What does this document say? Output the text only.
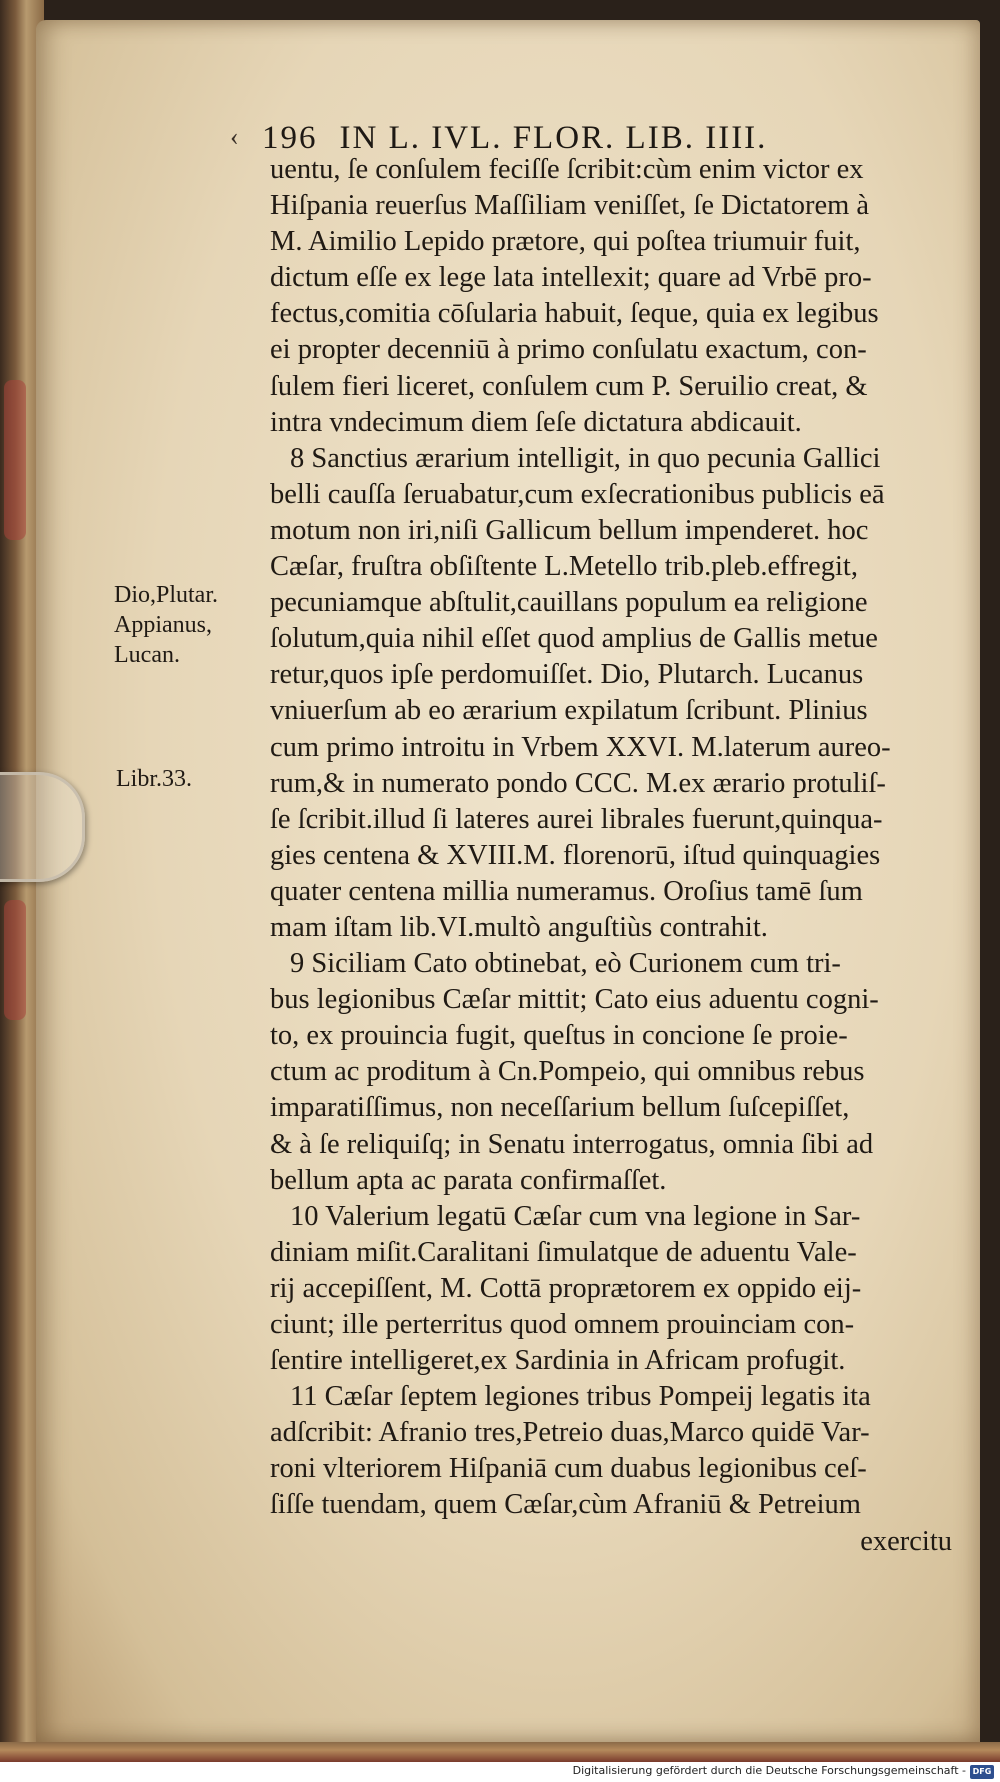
‹ 196 IN L. IVL. FLOR. LIB. IIII.
uentu, ſe conſulem feciſſe ſcribit:cùm enim victor ex
Hiſpania reuerſus Maſſiliam veniſſet, ſe Dictatorem à
M. Aimilio Lepido prætore, qui poſtea triumuir fuit,
dictum eſſe ex lege lata intellexit; quare ad Vrbē pro-
fectus,comitia cōſularia habuit, ſeque, quia ex legibus
ei propter decenniū à primo conſulatu exactum, con-
ſulem fieri liceret, conſulem cum P. Seruilio creat, &
intra vndecimum diem ſeſe dictatura abdicauit.
8 Sanctius ærarium intelligit, in quo pecunia Gallici
belli cauſſa ſeruabatur,cum exſecrationibus publicis eā
motum non iri,niſi Gallicum bellum impenderet. hoc
Cæſar, fruſtra obſiſtente L.Metello trib.pleb.effregit,
pecuniamque abſtulit,cauillans populum ea religione
ſolutum,quia nihil eſſet quod amplius de Gallis metue
retur,quos ipſe perdomuiſſet. Dio, Plutarch. Lucanus
vniuerſum ab eo ærarium expilatum ſcribunt. Plinius
cum primo introitu in Vrbem XXVI. M.laterum aureo-
rum,& in numerato pondo CCC. M.ex ærario protuliſ-
ſe ſcribit.illud ſi lateres aurei librales fuerunt,quinqua-
gies centena & XVIII.M. florenorū, iſtud quinquagies
quater centena millia numeramus. Oroſius tamē ſum
mam iſtam lib.VI.multò anguſtiùs contrahit.
9 Siciliam Cato obtinebat, eò Curionem cum tri-
bus legionibus Cæſar mittit; Cato eius aduentu cogni-
to, ex prouincia fugit, queſtus in concione ſe proie-
ctum ac proditum à Cn.Pompeio, qui omnibus rebus
imparatiſſimus, non neceſſarium bellum ſuſcepiſſet,
& à ſe reliquiſq; in Senatu interrogatus, omnia ſibi ad
bellum apta ac parata confirmaſſet.
10 Valerium legatū Cæſar cum vna legione in Sar-
diniam miſit.Caralitani ſimulatque de aduentu Vale-
rij accepiſſent, M. Cottā proprætorem ex oppido eij-
ciunt; ille perterritus quod omnem prouinciam con-
ſentire intelligeret,ex Sardinia in Africam profugit.
11 Cæſar ſeptem legiones tribus Pompeij legatis ita
adſcribit: Afranio tres,Petreio duas,Marco quidē Var-
roni vlteriorem Hiſpaniā cum duabus legionibus ceſ-
ſiſſe tuendam, quem Cæſar,cùm Afraniū & Petreium
exercitu
Dio,Plutar.
Appianus,
Lucan.
Libr.33.
Digitalisierung gefördert durch die Deutsche Forschungsgemeinschaft - DFG
